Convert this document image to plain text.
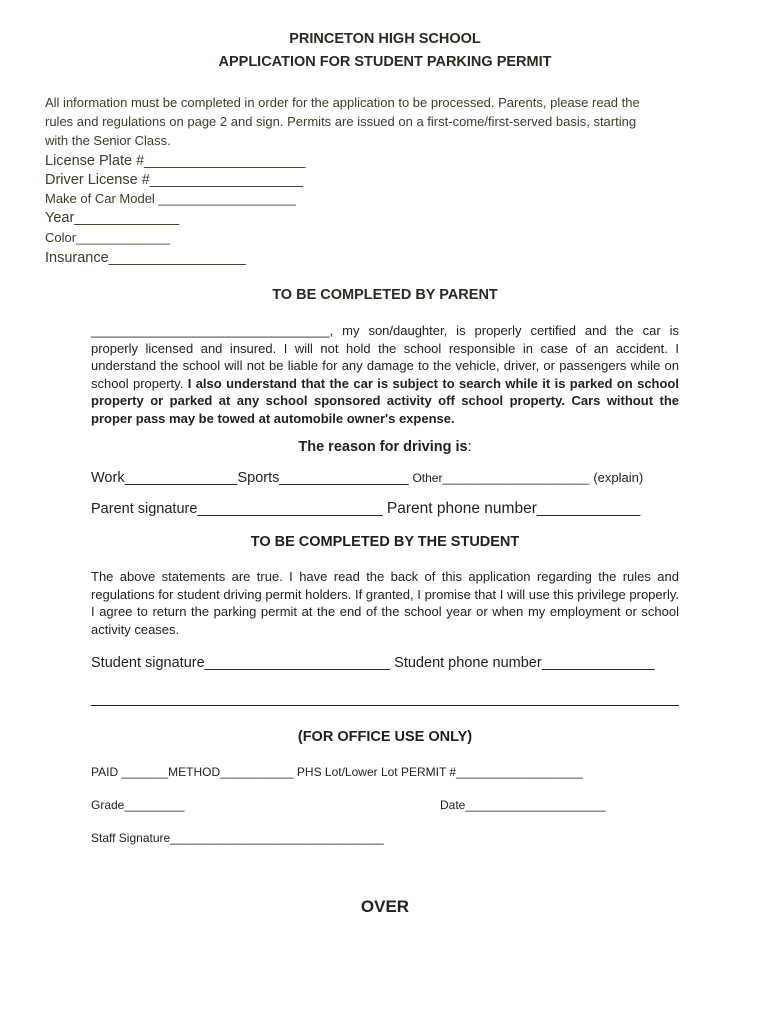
PRINCETON HIGH SCHOOL
APPLICATION FOR STUDENT PARKING PERMIT
All information must be completed in order for the application to be processed. Parents, please read the
rules and regulations on page 2 and sign. Permits are issued on a first-come/first-served basis, starting
with the Senior Class.
License Plate #____________________
Driver License #___________________
Make of Car Model ___________________
Year_____________
Color_____________
Insurance_________________
TO BE COMPLETED BY PARENT
_________________________________, my son/daughter, is properly certified and the car is properly licensed and insured. I will not hold the school responsible in case of an accident. I understand the school will not be liable for any damage to the vehicle, driver, or passengers while on school property. I also understand that the car is subject to search while it is parked on school property or parked at any school sponsored activity off school property. Cars without the proper pass may be towed at automobile owner's expense.
The reason for driving is:
Work______________Sports________________ Other______________________ (explain)
Parent signature_______________________ Parent phone number____________
TO BE COMPLETED BY THE STUDENT
The above statements are true. I have read the back of this application regarding the rules and regulations for student driving permit holders. If granted, I promise that I will use this privilege properly. I agree to return the parking permit at the end of the school year or when my employment or school activity ceases.
Student signature_______________________ Student phone number______________
(FOR OFFICE USE ONLY)
PAID _______METHOD___________ PHS Lot/Lower Lot PERMIT #___________________
Grade_________	Date_____________________
Staff Signature________________________________
OVER
